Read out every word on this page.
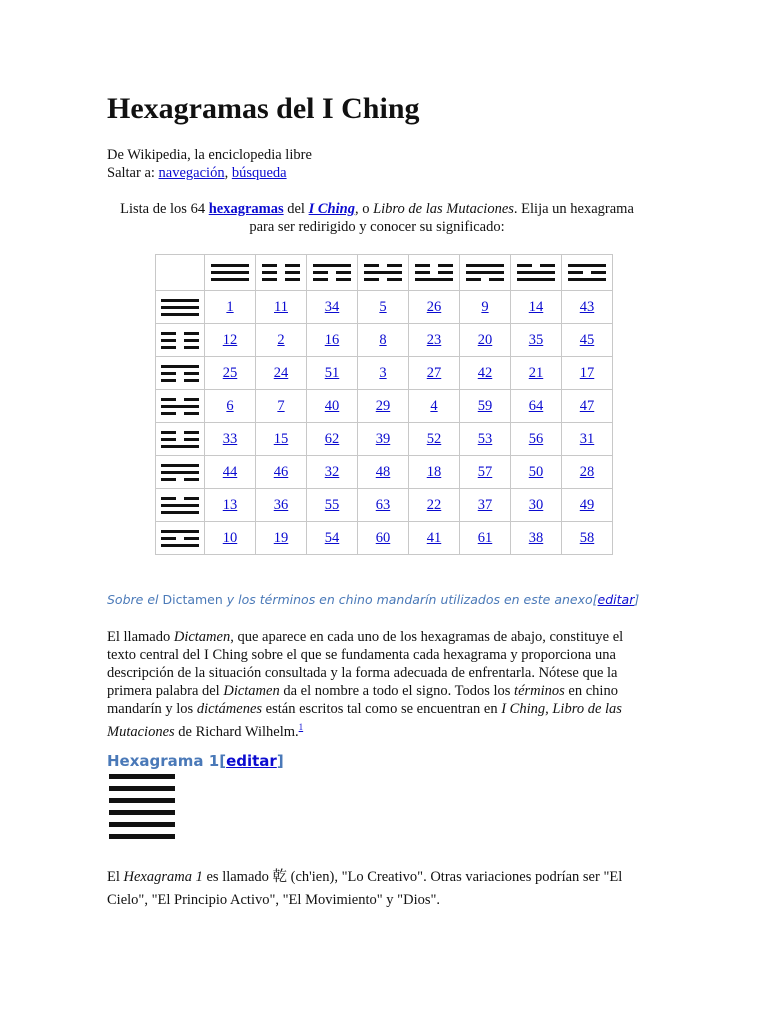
Hexagramas del I Ching
De Wikipedia, la enciclopedia libre
Saltar a: navegación, búsqueda
Lista de los 64 hexagramas del I Ching, o Libro de las Mutaciones. Elija un hexagrama para ser redirigido y conocer su significado:

	1	11	34	5	26	9	14	43

	12	2	16	8	23	20	35	45

	25	24	51	3	27	42	21	17

	6	7	40	29	4	59	64	47

	33	15	62	39	52	53	56	31

	44	46	32	48	18	57	50	28

	13	36	55	63	22	37	30	49

	10	19	54	60	41	61	38	58
Sobre el Dictamen y los términos en chino mandarín utilizados en este anexo[editar]
El llamado Dictamen, que aparece en cada uno de los hexagramas de abajo, constituye el texto central del I Ching sobre el que se fundamenta cada hexagrama y proporciona una descripción de la situación consultada y la forma adecuada de enfrentarla. Nótese que la primera palabra del Dictamen da el nombre a todo el signo. Todos los términos en chino mandarín y los dictámenes están escritos tal como se encuentran en I Ching, Libro de las Mutaciones de Richard Wilhelm.$^1$
Hexagrama 1[editar]
El Hexagrama 1 es llamado 乾 (ch'ien), "Lo Creativo". Otras variaciones podrían ser "El Cielo", "El Principio Activo", "El Movimiento" y "Dios".
